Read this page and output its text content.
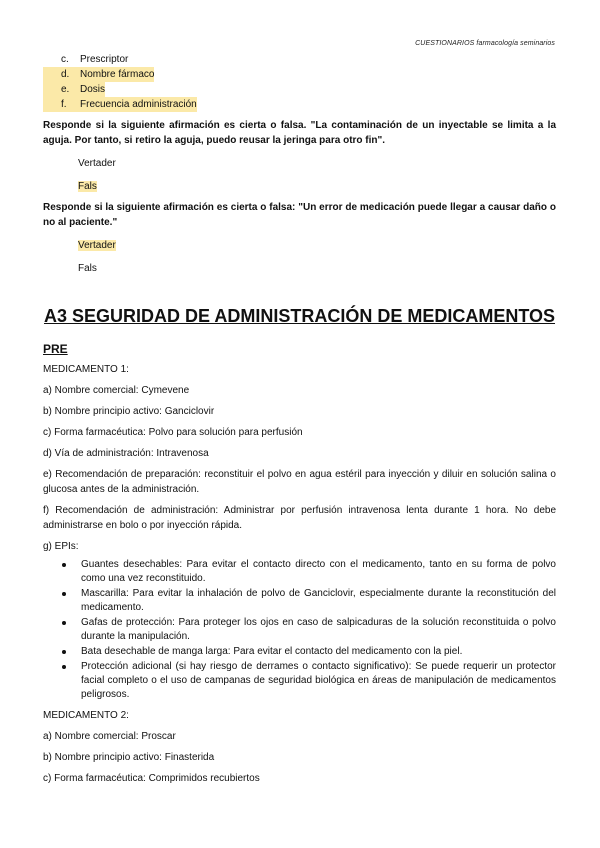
CUESTIONARIOS farmacología seminarios
c.	Prescriptor
d.	Nombre fármaco
e.	Dosis
f.	Frecuencia administración

Responde si la siguiente afirmación es cierta o falsa. "La contaminación de un inyectable se limita a la aguja. Por tanto, si retiro la aguja, puedo reusar la jeringa para otro fin".

Vertader

Fals

Responde si la siguiente afirmación es cierta o falsa: "Un error de medicación puede llegar a causar daño o no al paciente."

Vertader

Fals

A3 SEGURIDAD DE ADMINISTRACIÓN DE MEDICAMENTOS
PRE

MEDICAMENTO 1:

a) Nombre comercial: Cymevene

b) Nombre principio activo: Ganciclovir

c) Forma farmacéutica: Polvo para solución para perfusión

d) Vía de administración: Intravenosa

e) Recomendación de preparación: reconstituir el polvo en agua estéril para inyección y diluir en solución salina o glucosa antes de la administración.

f) Recomendación de administración: Administrar por perfusión intravenosa lenta durante 1 hora. No debe administrarse en bolo o por inyección rápida.

g) EPIs:

Guantes desechables: Para evitar el contacto directo con el medicamento, tanto en su forma de polvo como una vez reconstituido.
Mascarilla: Para evitar la inhalación de polvo de Ganciclovir, especialmente durante la reconstitución del medicamento.
Gafas de protección: Para proteger los ojos en caso de salpicaduras de la solución reconstituida o polvo durante la manipulación.
Bata desechable de manga larga: Para evitar el contacto del medicamento con la piel.
Protección adicional (si hay riesgo de derrames o contacto significativo): Se puede requerir un protector facial completo o el uso de campanas de seguridad biológica en áreas de manipulación de medicamentos peligrosos.

MEDICAMENTO 2:

a) Nombre comercial: Proscar

b) Nombre principio activo: Finasterida

c) Forma farmacéutica: Comprimidos recubiertos
